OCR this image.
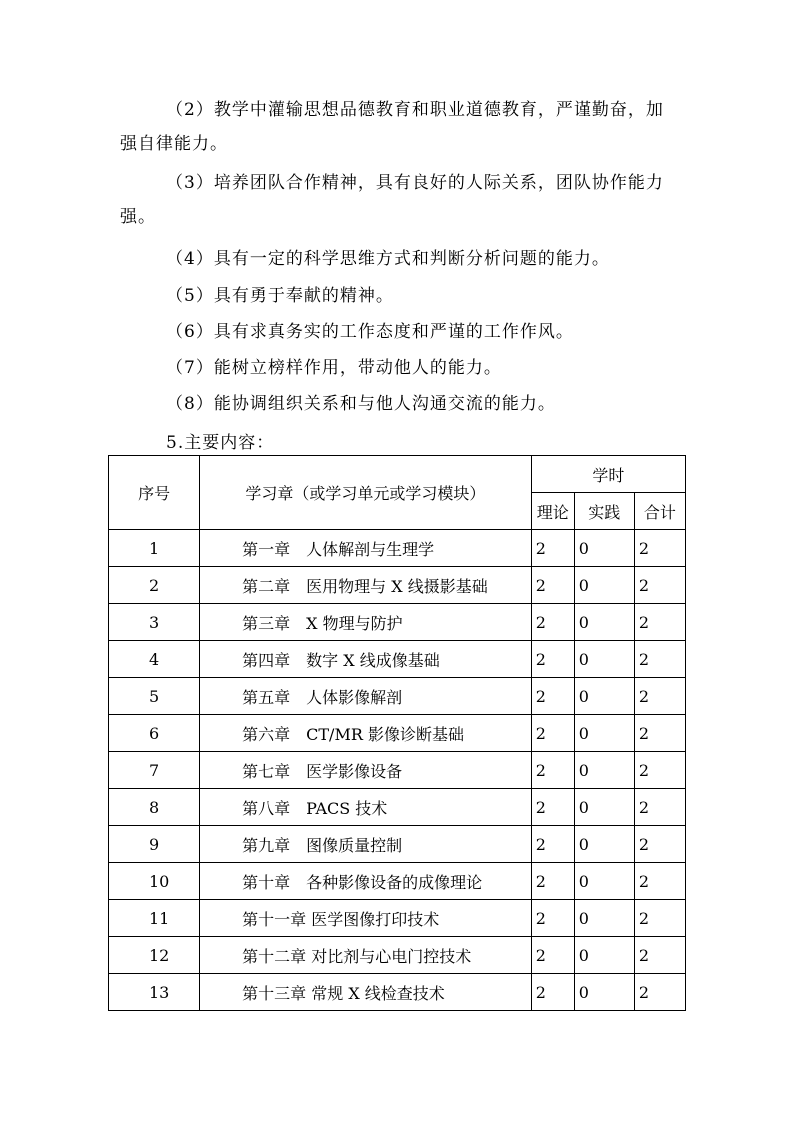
（2）教学中灌输思想品德教育和职业道德教育，严谨勤奋，加强自律能力。
（3）培养团队合作精神，具有良好的人际关系，团队协作能力强。
（4）具有一定的科学思维方式和判断分析问题的能力。
（5）具有勇于奉献的精神。
（6）具有求真务实的工作态度和严谨的工作作风。
（7）能树立榜样作用，带动他人的能力。
（8）能协调组织关系和与他人沟通交流的能力。
5.主要内容：
序号	学习章（或学习单元或学习模块）	学时		
		理论	实践	合计
1	第一章　人体解剖与生理学	2	0	2
2	第二章　医用物理与 X 线摄影基础	2	0	2
3	第三章　X 物理与防护	2	0	2
4	第四章　数字 X 线成像基础	2	0	2
5	第五章　人体影像解剖	2	0	2
6	第六章　CT/MR 影像诊断基础	2	0	2
7	第七章　医学影像设备	2	0	2
8	第八章　PACS 技术	2	0	2
9	第九章　图像质量控制	2	0	2
10	第十章　各种影像设备的成像理论	2	0	2
11	第十一章 医学图像打印技术	2	0	2
12	第十二章 对比剂与心电门控技术	2	0	2
13	第十三章 常规 X 线检查技术	2	0	2
